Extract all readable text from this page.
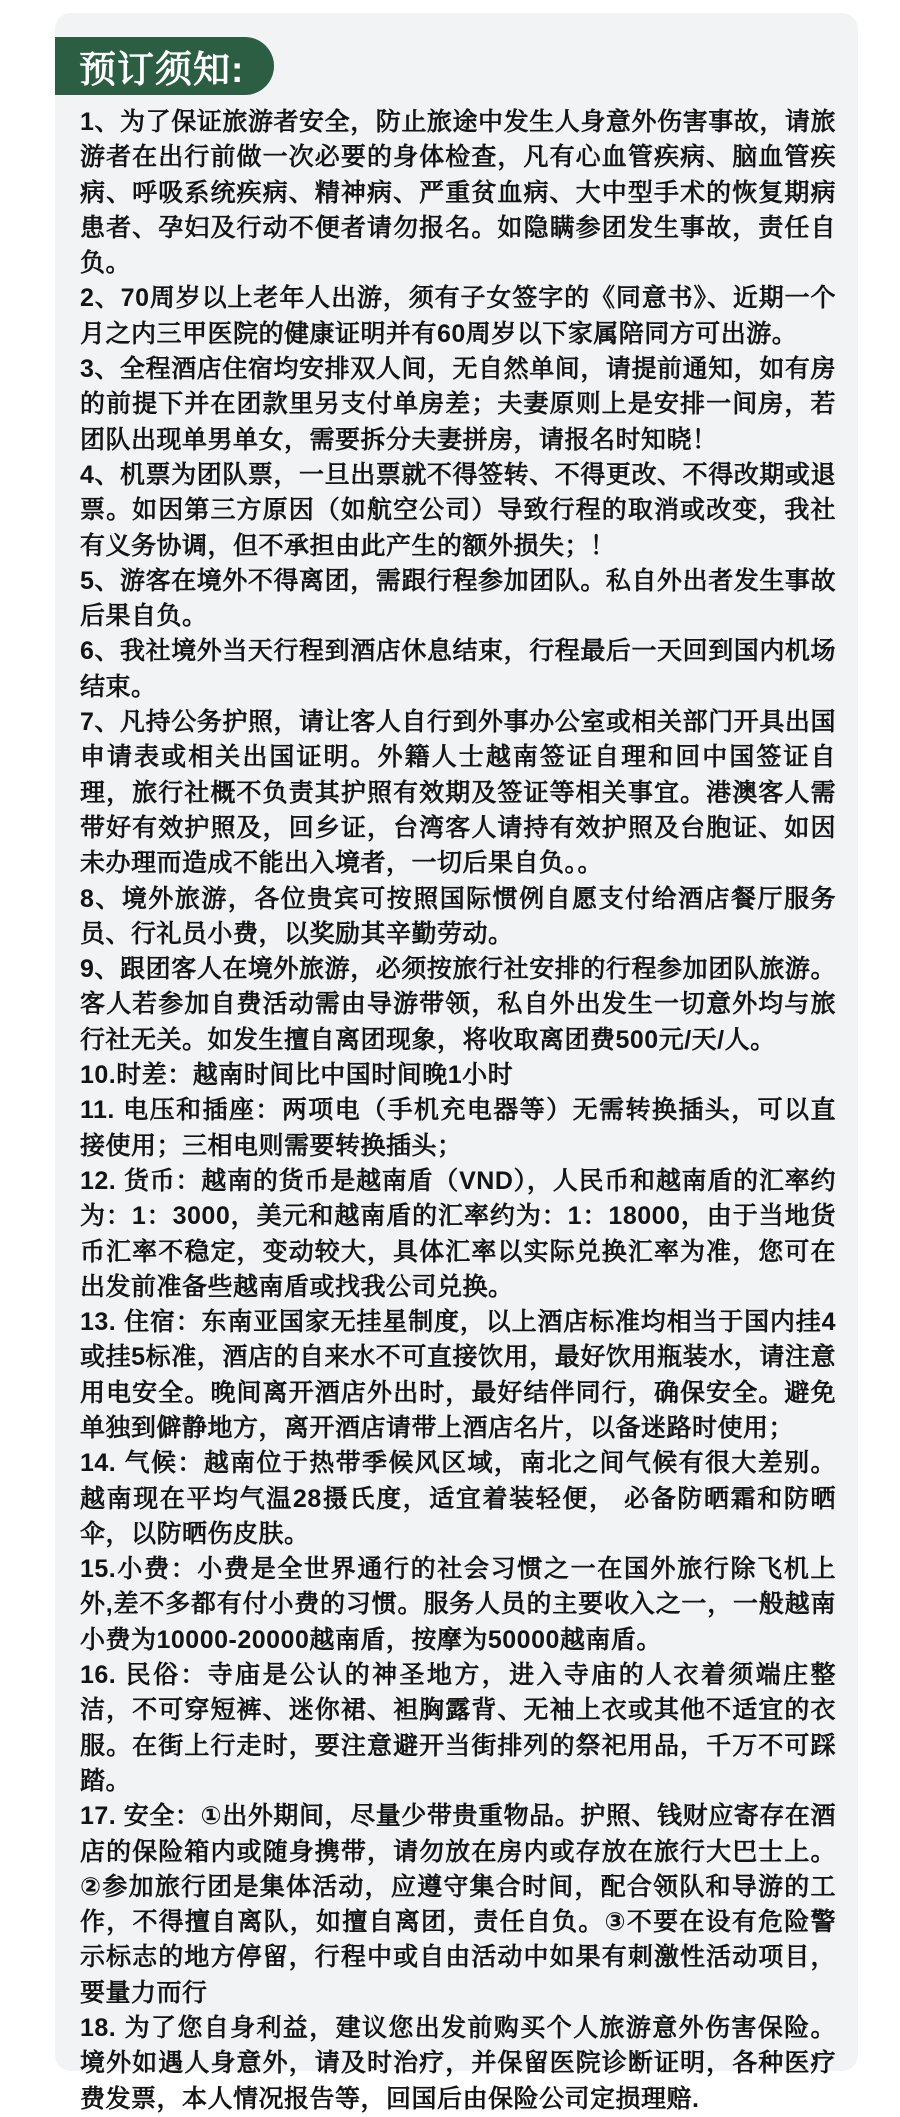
预订须知:

1、为了保证旅游者安全，防止旅途中发生人身意外伤害事故，请旅游者在出行前做一次必要的身体检查，凡有心血管疾病、脑血管疾病、呼吸系统疾病、精神病、严重贫血病、大中型手术的恢复期病患者、孕妇及行动不便者请勿报名。如隐瞒参团发生事故，责任自负。

2、70周岁以上老年人出游，须有子女签字的《同意书》、近期一个月之内三甲医院的健康证明并有60周岁以下家属陪同方可出游。

3、全程酒店住宿均安排双人间，无自然单间，请提前通知，如有房的前提下并在团款里另支付单房差；夫妻原则上是安排一间房，若团队出现单男单女，需要拆分夫妻拼房，请报名时知晓！

4、机票为团队票，一旦出票就不得签转、不得更改、不得改期或退票。如因第三方原因（如航空公司）导致行程的取消或改变，我社有义务协调，但不承担由此产生的额外损失；！

5、游客在境外不得离团，需跟行程参加团队。私自外出者发生事故后果自负。

6、我社境外当天行程到酒店休息结束，行程最后一天回到国内机场结束。

7、凡持公务护照，请让客人自行到外事办公室或相关部门开具出国申请表或相关出国证明。外籍人士越南签证自理和回中国签证自理，旅行社概不负责其护照有效期及签证等相关事宜。港澳客人需带好有效护照及，回乡证，台湾客人请持有效护照及台胞证、如因未办理而造成不能出入境者，一切后果自负。。

8、境外旅游，各位贵宾可按照国际惯例自愿支付给酒店餐厅服务员、行礼员小费，以奖励其辛勤劳动。

9、跟团客人在境外旅游，必须按旅行社安排的行程参加团队旅游。客人若参加自费活动需由导游带领，私自外出发生一切意外均与旅行社无关。如发生擅自离团现象，将收取离团费500元/天/人。

10.时差：越南时间比中国时间晚1小时

11. 电压和插座：两项电（手机充电器等）无需转换插头，可以直接使用；三相电则需要转换插头；

12. 货币：越南的货币是越南盾（VND），人民币和越南盾的汇率约为：1：3000，美元和越南盾的汇率约为：1：18000，由于当地货币汇率不稳定，变动较大，具体汇率以实际兑换汇率为准，您可在出发前准备些越南盾或找我公司兑换。

13. 住宿：东南亚国家无挂星制度，以上酒店标准均相当于国内挂4或挂5标准，酒店的自来水不可直接饮用，最好饮用瓶装水，请注意用电安全。晚间离开酒店外出时，最好结伴同行，确保安全。避免单独到僻静地方，离开酒店请带上酒店名片，以备迷路时使用；

14. 气候：越南位于热带季候风区域，南北之间气候有很大差别。越南现在平均气温28摄氏度，适宜着装轻便， 必备防晒霜和防晒伞，以防晒伤皮肤。

15.小费：小费是全世界通行的社会习惯之一在国外旅行除飞机上外,差不多都有付小费的习惯。服务人员的主要收入之一，一般越南小费为10000-20000越南盾，按摩为50000越南盾。

16. 民俗：寺庙是公认的神圣地方，进入寺庙的人衣着须端庄整洁，不可穿短裤、迷你裙、袒胸露背、无袖上衣或其他不适宜的衣服。在街上行走时，要注意避开当街排列的祭祀用品，千万不可踩踏。

17. 安全：①出外期间，尽量少带贵重物品。护照、钱财应寄存在酒店的保险箱内或随身携带，请勿放在房内或存放在旅行大巴士上。 ②参加旅行团是集体活动，应遵守集合时间，配合领队和导游的工作，不得擅自离队，如擅自离团，责任自负。③不要在设有危险警示标志的地方停留，行程中或自由活动中如果有刺激性活动项目，要量力而行

18. 为了您自身利益，建议您出发前购买个人旅游意外伤害保险。境外如遇人身意外，请及时治疗，并保留医院诊断证明，各种医疗费发票，本人情况报告等，回国后由保险公司定损理赔.
